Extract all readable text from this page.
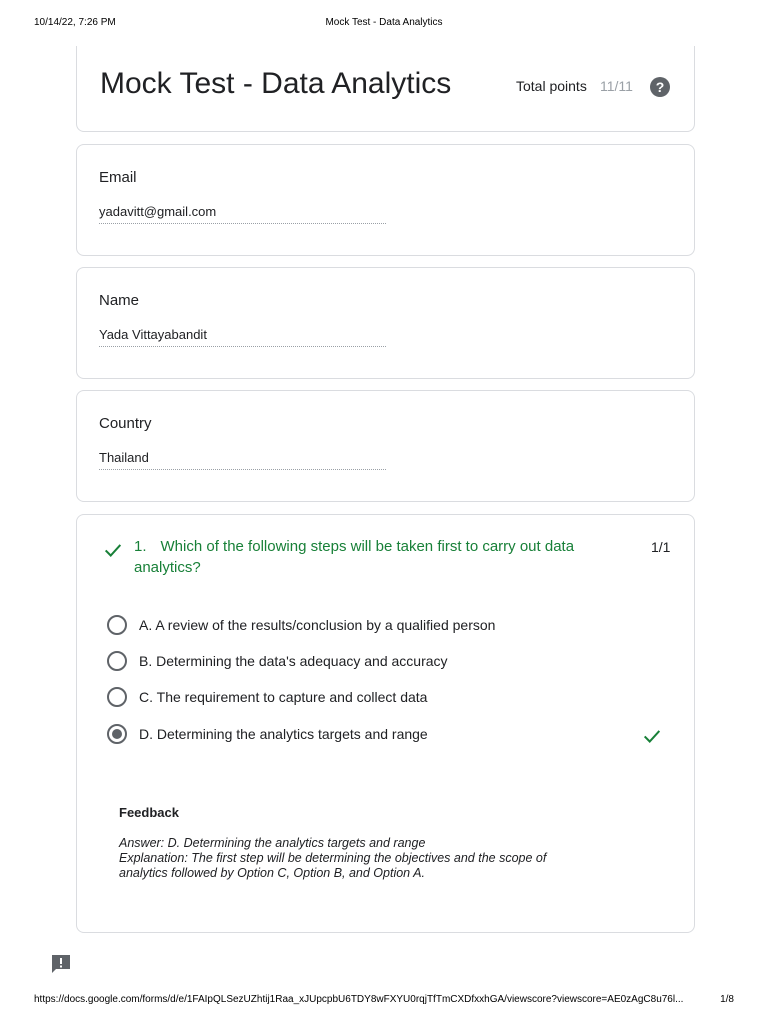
10/14/22, 7:26 PM	Mock Test - Data Analytics
Mock Test - Data Analytics	Total points 11/11	?
Email
yadavitt@gmail.com
Name
Yada Vittayabandit
Country
Thailand
1. Which of the following steps will be taken first to carry out data analytics?
1/1
A. A review of the results/conclusion by a qualified person
B. Determining the data's adequacy and accuracy
C. The requirement to capture and collect data
D. Determining the analytics targets and range
Feedback
Answer: D. Determining the analytics targets and range
Explanation: The first step will be determining the objectives and the scope of
analytics followed by Option C, Option B, and Option A.
https://docs.google.com/forms/d/e/1FAIpQLSezUZhtij1Raa_xJUpcpbU6TDY8wFXYU0rqjTfTmCXDfxxhGA/viewscore?viewscore=AE0zAgC8u76l...	1/8
